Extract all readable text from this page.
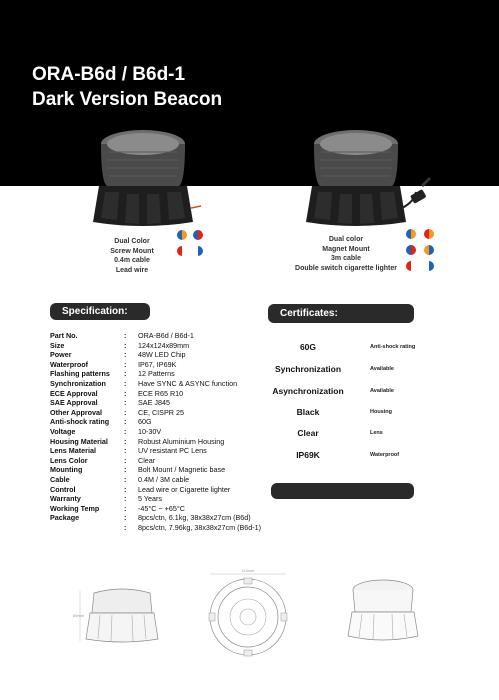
ORA-B6d / B6d-1
Dark Version Beacon
Dual Color
Screw Mount
0.4m cable
Lead wire
Dual color
Magnet Mount
3m cable
Double switch cigarette lighter
Specification:	Certificates:
Part No.	:	ORA-B6d / B6d-1
Size	:	124x124x89mm
Power	:	48W LED Chip
Waterproof	:	IP67, IP69K
Flashing patterns	:	12 Patterns
Synchronization	:	Have SYNC & ASYNC function
ECE Approval	:	ECE R65 R10
SAE Approval	:	SAE J845
Other Approval	:	CE, CISPR 25
Anti-shock rating	:	60G
Voltage	:	10-30V
Housing Material	:	Robust Aluminium Housing
Lens Material	:	UV resistant PC Lens
Lens Color	:	Clear
Mounting	:	Bolt Mount / Magnetic base
Cable	:	0.4M / 3M cable
Control	:	Lead wire or Cigarette lighter
Warranty	:	5 Years
Working Temp	:	-45°C ~ +65°C
Package	:	8pcs/ctn, 6.1kg, 38x38x27cm (B6d)
:	8pcs/ctn, 7.96kg, 38x38x27cm (B6d-1)
60G	Anti-shock rating
Synchronization	Available
Asynchronization	Available
Black	Housing
Clear	Lens
IP69K	Waterproof
89mm
124mm
